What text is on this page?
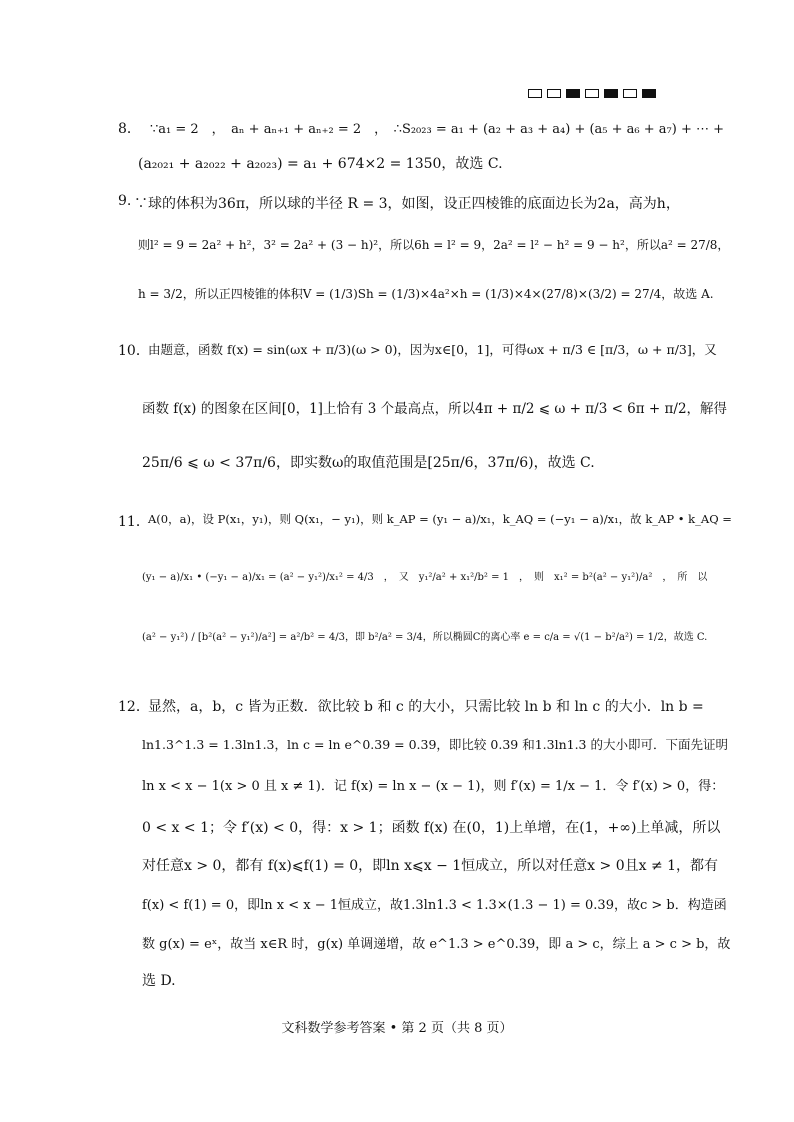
8． ∵a₁ = 2　，　aₙ + aₙ₊₁ + aₙ₊₂ = 2　，　∴S₂₀₂₃ = a₁ + (a₂ + a₃ + a₄) + (a₅ + a₆ + a₇) + ⋯ +
(a₂₀₂₁ + a₂₀₂₂ + a₂₀₂₃) = a₁ + 674×2 = 1350，故选 C.
9. ∵球的体积为36π，所以球的半径 R = 3，如图，设正四棱锥的底面边长为2a，高为h，
则l² = 9 = 2a² + h²，3² = 2a² + (3 − h)²，所以6h = l² = 9，2a² = l² − h² = 9 − h²，所以a² = 27/8，
h = 3/2，所以正四棱锥的体积V = (1/3)Sh = (1/3)×4a²×h = (1/3)×4×(27/8)×(3/2) = 27/4，故选 A.
10．
由题意，函数 f(x) = sin(ωx + π/3)(ω > 0)，因为x∈[0，1]，可得ωx + π/3 ∈ [π/3，ω + π/3]，又
函数 f(x) 的图象在区间[0，1]上恰有 3 个最高点，所以4π + π/2 ⩽ ω + π/3 < 6π + π/2，解得
25π/6 ⩽ ω < 37π/6，即实数ω的取值范围是[25π/6，37π/6)，故选 C.
11．
A(0，a)，设 P(x₁，y₁)，则 Q(x₁，− y₁)，则 k_AP = (y₁ − a)/x₁，k_AQ = (−y₁ − a)/x₁，故 k_AP • k_AQ =
(y₁ − a)/x₁ • (−y₁ − a)/x₁ = (a² − y₁²)/x₁² = 4/3　，　又　y₁²/a² + x₁²/b² = 1　，　则　x₁² = b²(a² − y₁²)/a²　，　所　以
(a² − y₁²) / [b²(a² − y₁²)/a²] = a²/b² = 4/3，即 b²/a² = 3/4，所以椭圆C的离心率 e = c/a = √(1 − b²/a²) = 1/2，故选 C.
12．
显然，a，b，c 皆为正数．欲比较 b 和 c 的大小，只需比较 ln b 和 ln c 的大小．ln b =
ln1.3^1.3 = 1.3ln1.3，ln c = ln e^0.39 = 0.39，即比较 0.39 和1.3ln1.3 的大小即可．下面先证明
ln x < x − 1(x > 0 且 x ≠ 1)．记 f(x) = ln x − (x − 1)，则 f′(x) = 1/x − 1．令 f′(x) > 0，得：
0 < x < 1；令 f′(x) < 0，得：x > 1；函数 f(x) 在(0，1)上单增，在(1，+∞)上单减，所以
对任意x > 0，都有 f(x)⩽f(1) = 0，即ln x⩽x − 1恒成立，所以对任意x > 0且x ≠ 1，都有
f(x) < f(1) = 0，即ln x < x − 1恒成立，故1.3ln1.3 < 1.3×(1.3 − 1) = 0.39，故c > b．构造函
数 g(x) = eˣ，故当 x∈R 时，g(x) 单调递增，故 e^1.3 > e^0.39，即 a > c，综上 a > c > b，故
选 D.
文科数学参考答案 • 第 2 页（共 8 页）
